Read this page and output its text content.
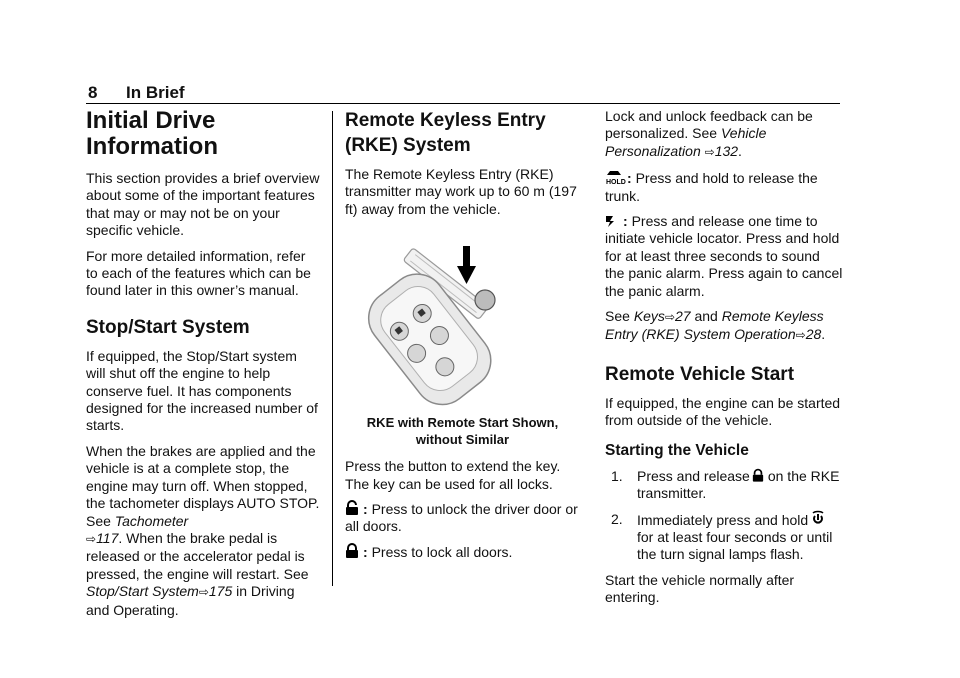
8 In Brief
Initial Drive Information

This section provides a brief overview about some of the important features that may or may not be on your specific vehicle.

For more detailed information, refer to each of the features which can be found later in this owner’s manual.

Stop/Start System

If equipped, the Stop/Start system will shut off the engine to help conserve fuel. It has components designed for the increased number of starts.

When the brakes are applied and the vehicle is at a complete stop, the engine may turn off. When stopped, the tachometer displays AUTO STOP. See Tachometer
⇨117. When the brake pedal is released or the accelerator pedal is pressed, the engine will restart. See Stop/Start System⇨175 in Driving and Operating.

Remote Keyless Entry (RKE) System

The Remote Keyless Entry (RKE) transmitter may work up to 60 m (197 ft) away from the vehicle.

RKE with Remote Start Shown, without Similar

Press the button to extend the key. The key can be used for all locks.

: Press to unlock the driver door or all doors.

: Press to lock all doors.

Lock and unlock feedback can be personalized. See Vehicle Personalization ⇨132.

HOLD : Press and hold to release the trunk.

: Press and release one time to initiate vehicle locator. Press and hold for at least three seconds to sound the panic alarm. Press again to cancel the panic alarm.

See Keys⇨27 and Remote Keyless Entry (RKE) System Operation⇨28.

Remote Vehicle Start

If equipped, the engine can be started from outside of the vehicle.

Starting the Vehicle
1.	Press and release on the RKE transmitter.
2.	Immediately press and hold

for at least four seconds or until the turn signal lamps flash.

Start the vehicle normally after entering.
